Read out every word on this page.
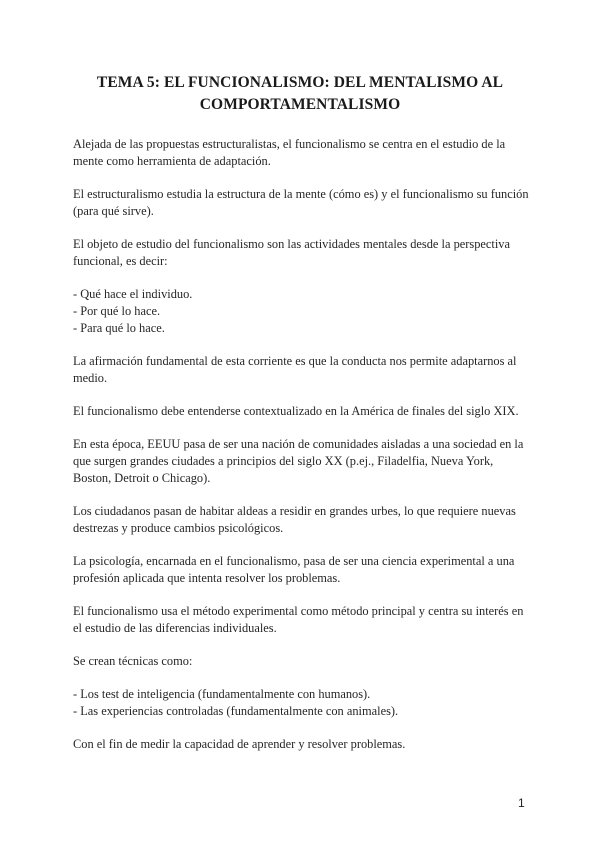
TEMA 5: EL FUNCIONALISMO: DEL MENTALISMO AL
COMPORTAMENTALISMO

Alejada de las propuestas estructuralistas, el funcionalismo se centra en el estudio de la mente como herramienta de adaptación.

El estructuralismo estudia la estructura de la mente (cómo es) y el funcionalismo su función (para qué sirve).

El objeto de estudio del funcionalismo son las actividades mentales desde la perspectiva funcional, es decir:

- Qué hace el individuo.
- Por qué lo hace.
- Para qué lo hace.

La afirmación fundamental de esta corriente es que la conducta nos permite adaptarnos al medio.

El funcionalismo debe entenderse contextualizado en la América de finales del siglo XIX.

En esta época, EEUU pasa de ser una nación de comunidades aisladas a una sociedad en la que surgen grandes ciudades a principios del siglo XX (p.ej., Filadelfia, Nueva York, Boston, Detroit o Chicago).

Los ciudadanos pasan de habitar aldeas a residir en grandes urbes, lo que requiere nuevas destrezas y produce cambios psicológicos.

La psicología, encarnada en el funcionalismo, pasa de ser una ciencia experimental a una profesión aplicada que intenta resolver los problemas.

El funcionalismo usa el método experimental como método principal y centra su interés en el estudio de las diferencias individuales.

Se crean técnicas como:

- Los test de inteligencia (fundamentalmente con humanos).
- Las experiencias controladas (fundamentalmente con animales).

Con el fin de medir la capacidad de aprender y resolver problemas.

1
